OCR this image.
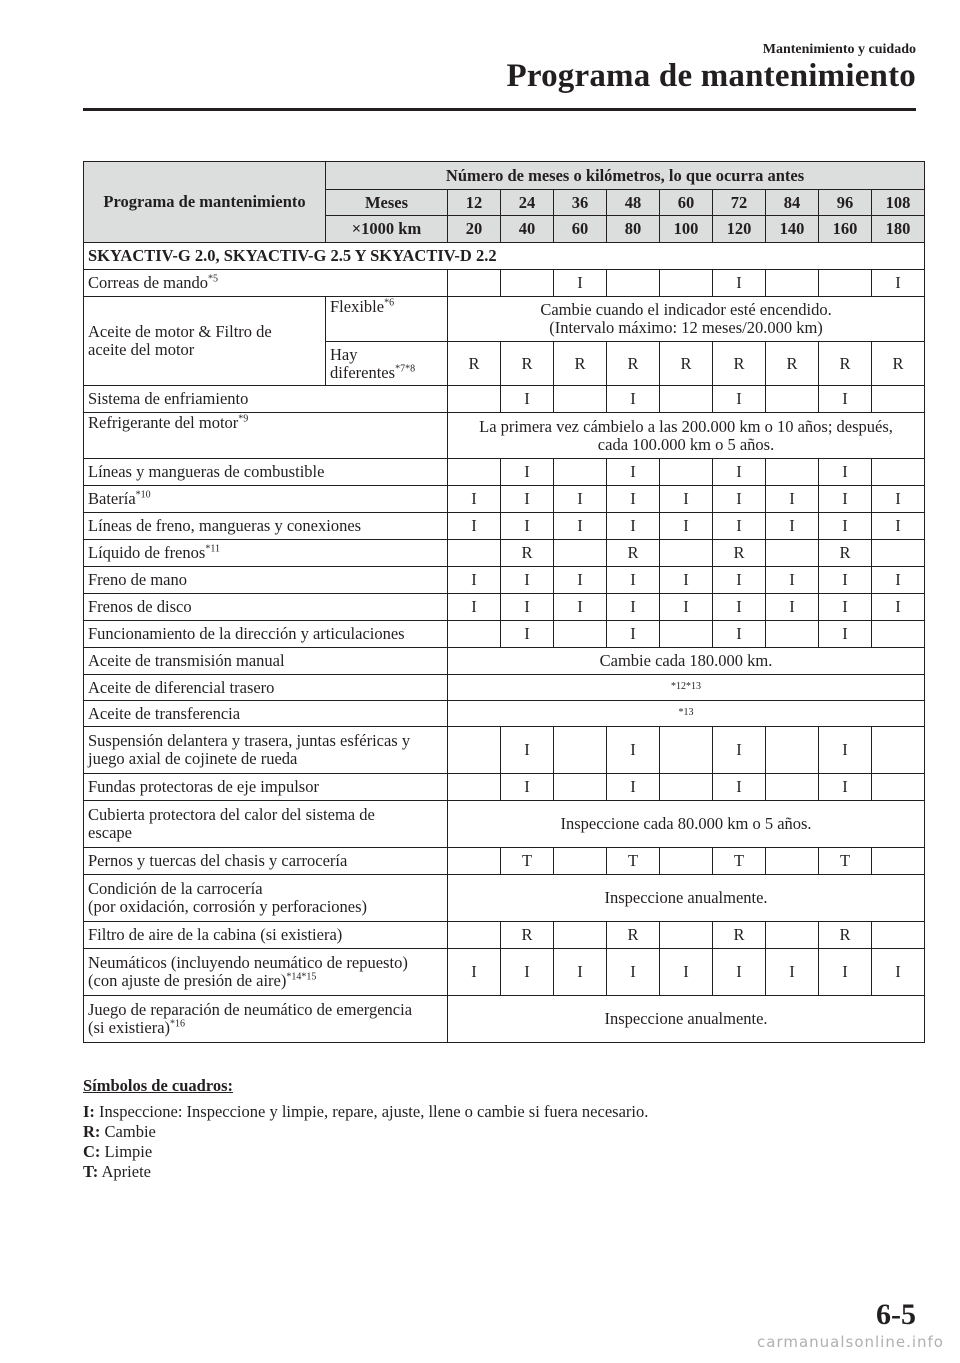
Mantenimiento y cuidado
Programa de mantenimiento
Programa de mantenimiento	Número de meses o kilómetros, lo que ocurra antes									
	Meses	12	24	36	48	60	72	84	96	108
	×1000 km	20	40	60	80	100	120	140	160	180
SKYACTIV-G 2.0, SKYACTIV-G 2.5 Y SKYACTIV-D 2.2										
Correas de mando$^{*5}$				I			I			I
Aceite de motor & Filtro de
aceite del motor	Flexible$^{*6}$	Cambie cuando el indicador esté encendido.
(Intervalo máximo: 12 meses/20.000 km)								
	Hay
diferentes$^{*7*8}$	R	R	R	R	R	R	R	R	R
Sistema de enfriamiento			I		I		I		I	
Refrigerante del motor$^{*9}$		La primera vez cámbielo a las 200.000 km o 10 años; después,
cada 100.000 km o 5 años.								
Líneas y mangueras de combustible			I		I		I		I	
Batería$^{*10}$		I	I	I	I	I	I	I	I	I
Líneas de freno, mangueras y conexiones		I	I	I	I	I	I	I	I	I
Líquido de frenos$^{*11}$			R		R		R		R	
Freno de mano		I	I	I	I	I	I	I	I	I
Frenos de disco		I	I	I	I	I	I	I	I	I
Funcionamiento de la dirección y articulaciones			I		I		I		I	
Aceite de transmisión manual		Cambie cada 180.000 km.								
Aceite de diferencial trasero		*12*13								
Aceite de transferencia		*13								
Suspensión delantera y trasera, juntas esféricas y
juego axial de cojinete de rueda			I		I		I		I	
Fundas protectoras de eje impulsor			I		I		I		I	
Cubierta protectora del calor del sistema de
escape		Inspeccione cada 80.000 km o 5 años.								
Pernos y tuercas del chasis y carrocería			T		T		T		T	
Condición de la carrocería
(por oxidación, corrosión y perforaciones)		Inspeccione anualmente.								
Filtro de aire de la cabina (si existiera)			R		R		R		R	
Neumáticos (incluyendo neumático de repuesto)
(con ajuste de presión de aire)$^{*14*15}$		I	I	I	I	I	I	I	I	I
Juego de reparación de neumático de emergencia
(si existiera)$^{*16}$		Inspeccione anualmente.								
Símbolos de cuadros:
I: Inspeccione: Inspeccione y limpie, repare, ajuste, llene o cambie si fuera necesario.
R: Cambie
C: Limpie
T: Apriete
6-5
carmanualsonline.info
